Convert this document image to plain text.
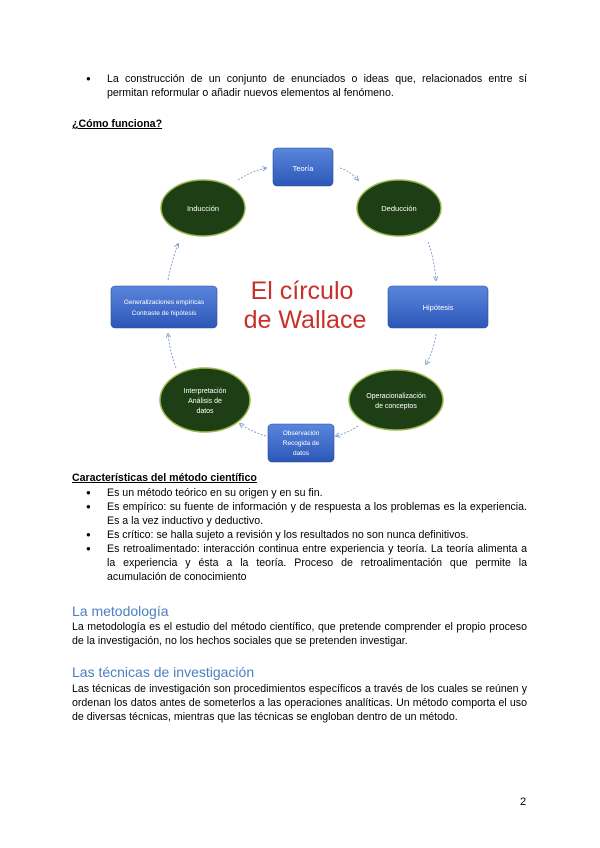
● La construcción de un conjunto de enunciados o ideas que, relacionados entre sí permitan reformular o añadir nuevos elementos al fenómeno.
¿Cómo funciona?
Teoría
Deducción
Hipótesis
Operacionalización
de conceptos
Observación
Recogida de
datos
Interpretación
Análisis de
datos
Generalizaciones empíricas
Contraste de hipótesis
Inducción
El círculo
de Wallace
Características del método científico
● Es un método teórico en su origen y en su fin.
● Es empírico: su fuente de información y de respuesta a los problemas es la experiencia. Es a la vez inductivo y deductivo.
● Es crítico: se halla sujeto a revisión y los resultados no son nunca definitivos.
● Es retroalimentado: interacción continua entre experiencia y teoría. La teoría alimenta a la experiencia y ésta a la teoría. Proceso de retroalimentación que permite la acumulación de conocimiento
La metodología

La metodología es el estudio del método científico, que pretende comprender el propio proceso de la investigación, no los hechos sociales que se pretenden investigar.

Las técnicas de investigación

Las técnicas de investigación son procedimientos específicos a través de los cuales se reúnen y ordenan los datos antes de someterlos a las operaciones analíticas. Un método comporta el uso de diversas técnicas, mientras que las técnicas se engloban dentro de un método.

2
